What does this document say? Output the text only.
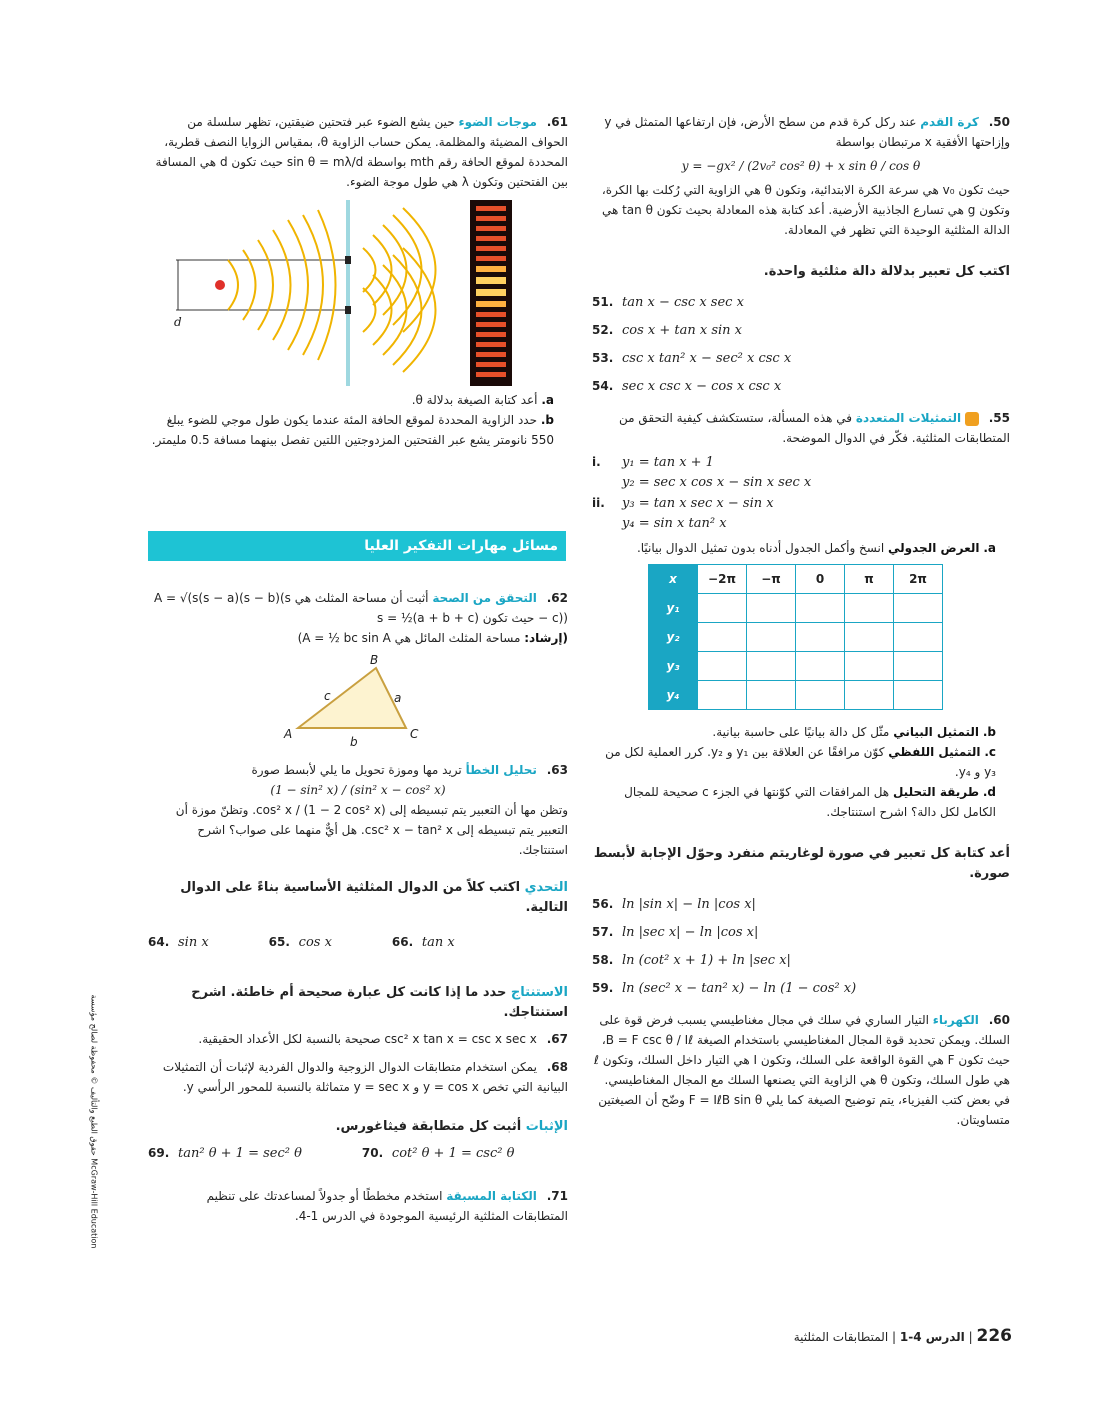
50. كرة القدم عند ركل كرة قدم من سطح الأرض، فإن ارتفاعها المتمثل في y وإزاحتها الأفقية x مرتبطان بواسطة
y = −gx² / (2v₀² cos² θ) + x sin θ / cos θ
حيث تكون v₀ هي سرعة الكرة الابتدائية، وتكون θ هي الزاوية التي رُكلت بها الكرة، وتكون g هي تسارع الجاذبية الأرضية. أعد كتابة هذه المعادلة بحيث تكون tan θ هي الدالة المثلثية الوحيدة التي تظهر في المعادلة.
اكتب كل تعبير بدلالة دالة مثلثية واحدة.
51. tan x − csc x sec x
52. cos x + tan x sin x
53. csc x tan² x − sec² x csc x
54. sec x csc x − cos x csc x
55.  التمثيلات المتعددة في هذه المسألة، ستستكشف كيفية التحقق من المتطابقات المثلثية. فكّر في الدوال الموضحة.
i. y₁ = tan x + 1
y₂ = sec x cos x − sin x sec x
ii. y₃ = tan x sec x − sin x
y₄ = sin x tan² x
a. العرض الجدولي انسخ وأكمل الجدول أدناه بدون تمثيل الدوال بيانيًا.
x	−2π	−π	0	π	2π
y₁					
y₂					
y₃					
y₄					
b. التمثيل البياني مثّل كل دالة بيانيًا على حاسبة بيانية.
c. التمثيل اللفظي كوّن مرافقًا عن العلاقة بين y₁ و y₂. كرر العملية لكل من y₃ و y₄.
d. طريقة التحليل هل المرافقات التي كوّنتها في الجزء c صحيحة للمجال الكامل لكل دالة؟ اشرح استنتاجك.
أعد كتابة كل تعبير في صورة لوغاريتم منفرد وحوّل الإجابة لأبسط صورة.
56. ln |sin x| − ln |cos x|
57. ln |sec x| − ln |cos x|
58. ln (cot² x + 1) + ln |sec x|
59. ln (sec² x − tan² x) − ln (1 − cos² x)
60. الكهرباء التيار الساري في سلك في مجال مغناطيسي يسبب فرض قوة على السلك. ويمكن تحديد قوة المجال المغناطيسي باستخدام الصيغة B = F csc θ / Iℓ، حيث تكون F هي القوة الواقعة على السلك، وتكون I هي التيار داخل السلك، وتكون ℓ هي طول السلك، وتكون θ هي الزاوية التي يصنعها السلك مع المجال المغناطيسي. في بعض كتب الفيزياء، يتم توضيح الصيغة كما يلي F = IℓB sin θ وضّح أن الصيغتين متساويتان.
61. موجات الضوء حين يشع الضوء عبر فتحتين ضيقتين، تظهر سلسلة من الحواف المضيئة والمظلمة. يمكن حساب الزاوية θ، بمقياس الزوايا النصف قطرية، المحددة لموقع الحافة رقم mth بواسطة sin θ = mλ/d حيث تكون d هي المسافة بين الفتحتين وتكون λ هي طول موجة الضوء.
d
a. أعد كتابة الصيغة بدلالة θ.
b. حدد الزاوية المحددة لموقع الحافة المئة عندما يكون طول موجي للضوء يبلغ 550 نانومتر يشع عبر الفتحتين المزدوجتين اللتين تفصل بينهما مسافة 0.5 مليمتر.
مسائل مهارات التفكير العليا
62. التحقق من الصحة أثبت أن مساحة المثلث هي A = √(s(s − a)(s − b)(s − c)) حيث تكون s = ½(a + b + c)
(إرشاد: مساحة المثلث المائل هي A = ½ bc sin A)
B
A	C
a
b
c
63. تحليل الخطأ تريد مها وموزة تحويل ما يلي لأبسط صورة
(1 − sin² x) / (sin² x − cos² x)
وتظن مها أن التعبير يتم تبسيطه إلى cos² x / (1 − 2 cos² x). وتظنّ موزة أن التعبير يتم تبسيطه إلى csc² x − tan² x. هل أيٌّ منهما على صواب؟ اشرح استنتاجك.
التحدي اكتب كلاً من الدوال المثلثية الأساسية بناءً على الدوال التالية.
64. sin x	65. cos x	66. tan x
الاستنتاج حدد ما إذا كانت كل عبارة صحيحة أم خاطئة. اشرح استنتاجك.
67. csc² x tan x = csc x sec x صحيحة بالنسبة لكل الأعداد الحقيقية.
68. يمكن استخدام متطابقات الدوال الزوجية والدوال الفردية لإثبات أن التمثيلات البيانية التي تخص y = cos x و y = sec x متماثلة بالنسبة للمحور الرأسي y.
الإثبات أثبت كل متطابقة فيثاغورس.
69. tan² θ + 1 = sec² θ	70. cot² θ + 1 = csc² θ
71. الكتابة المسبقة استخدم مخططًا أو جدولاً لمساعدتك على تنظيم المتطابقات المثلثية الرئيسية الموجودة في الدرس 1-4.
226 | الدرس 4-1 | المتطابقات المثلثية
حقوق الطبع والتأليف © محفوظة لصالح مؤسسة McGraw-Hill Education
